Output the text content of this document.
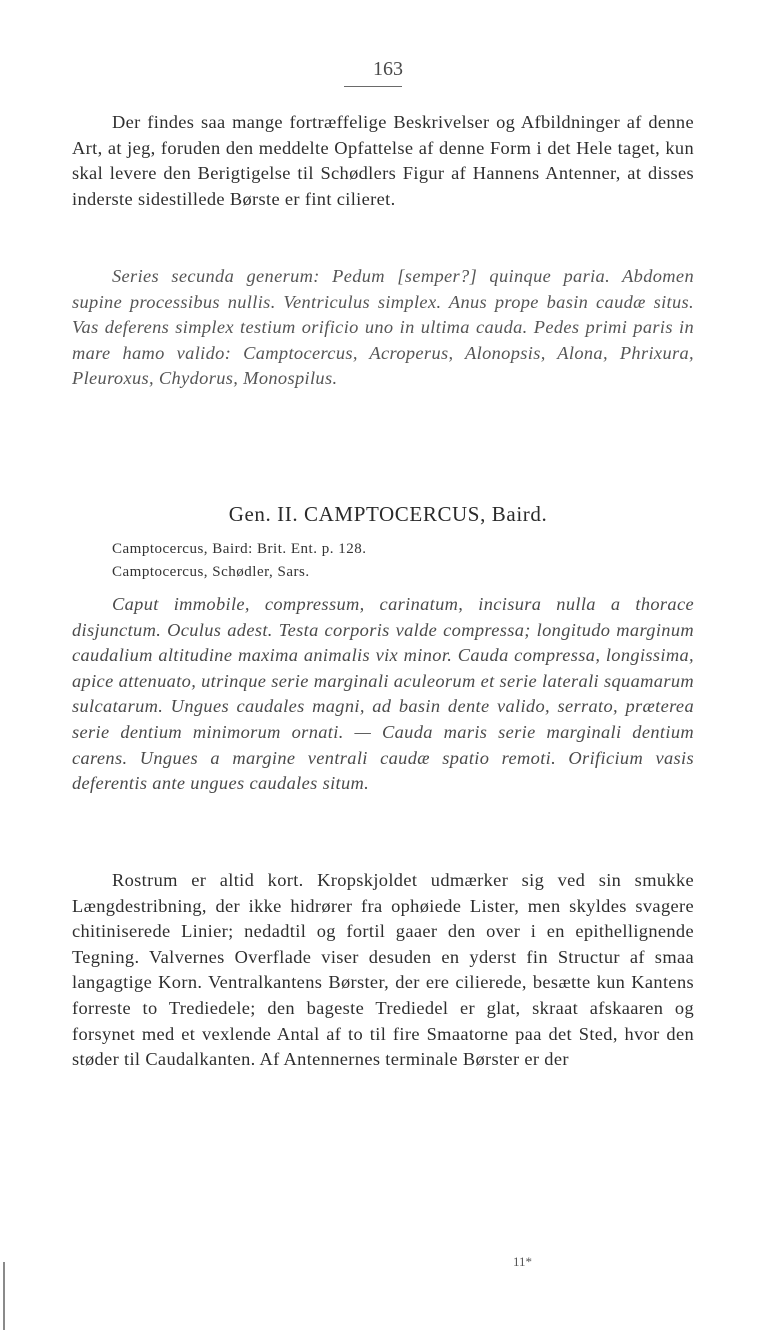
163

Der findes saa mange fortræffelige Beskrivelser og Afbildninger af denne Art, at jeg, foruden den meddelte Opfattelse af denne Form i det Hele taget, kun skal levere den Berigtigelse til Schødlers Figur af Hannens Antenner, at disses inderste sidestillede Børste er fint cilieret.

Series secunda generum: Pedum [semper?] quinque paria. Abdomen supine processibus nullis. Ventriculus simplex. Anus prope basin caudæ situs. Vas deferens simplex testium orificio uno in ultima cauda. Pedes primi paris in mare hamo valido: Camptocercus, Acroperus, Alonopsis, Alona, Phrixura, Pleuroxus, Chydorus, Monospilus.

Gen. II. CAMPTOCERCUS, Baird.
Camptocercus, Baird: Brit. Ent. p. 128.
Camptocercus, Schødler, Sars.

Caput immobile, compressum, carinatum, incisura nulla a thorace disjunctum. Oculus adest. Testa corporis valde compressa; longitudo marginum caudalium altitudine maxima animalis vix minor. Cauda compressa, longissima, apice attenuato, utrinque serie marginali aculeorum et serie laterali squamarum sulcatarum. Ungues caudales magni, ad basin dente valido, serrato, præterea serie dentium minimorum ornati. — Cauda maris serie marginali dentium carens. Ungues a margine ventrali caudæ spatio remoti. Orificium vasis deferentis ante ungues caudales situm.

Rostrum er altid kort. Kropskjoldet udmærker sig ved sin smukke Længdestribning, der ikke hidrører fra ophøiede Lister, men skyldes svagere chitiniserede Linier; nedadtil og fortil gaaer den over i en epithellignende Tegning. Valvernes Overflade viser desuden en yderst fin Structur af smaa langagtige Korn. Ventralkantens Børster, der ere cilierede, besætte kun Kantens forreste to Trediedele; den bageste Trediedel er glat, skraat afskaaren og forsynet med et vexlende Antal af to til fire Smaatorne paa det Sted, hvor den støder til Caudalkanten. Af Antennernes terminale Børster er der

11*
